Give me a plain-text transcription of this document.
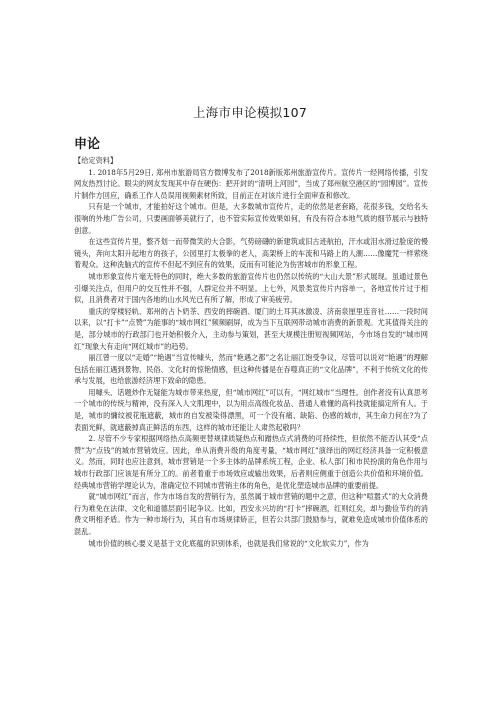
上海市申论模拟107
申论

【给定资料】

1. 2018年5月29日, 郑州市旅游局官方微博发布了2018新版郑州旅游宣传片。宣传片一经网络传播，引发网友热烈讨论。眼尖的网友发现其中存在硬伤：把开封的“清明上河园”，当成了郑州航空港区的“园博园”。宣传片制作方回应，确系工作人员误用视频素材所致，目前正在对该片进行全面审查和修改。

只有是一个城市，才能拍好这个城市。但是，大多数城市宣传片，走的依然是老套路，花很多钱，交给名头很响的外地广告公司，只要画面够美就行了，也不管实际宣传效果如何，有没有符合本地气质的细节展示与独特创意。

在这些宣传片里，整齐划一而带微笑的大合影，气势磅礴的新建筑或旧古迹航拍，汗水或泪水滑过脸庞的慢镜头，奔向太阳升起地方的孩子，公园里打太极拳的老人，高架桥上的车流和马路上的人潮……像魔咒一样萦绕着观众。这种洗脑式的宣传不但起不到应有的效果，反而有可能沦为伤害城市的形象工程。

城市形象宣传片毫无特色的同时，绝大多数的旅游宣传片也仍然以传统的“大山大景”形式展现。虽通过景色引爆关注点，但用户的交互性并不强，人群定位并不明显。上七外，风景类宣传片内容单一，各地宣传片过于相似，且消费者对于国内各地的山水风光已有所了解，形成了审美疲劳。

重庆的穿楼轻轨、郑州的占卜奶茶、西安的摔碗酒、厦门的土耳其冰激凌、济南泉厘里连音社……一段时间以来，以“打卡”“点赞”为能事的“城市网红”频频刷屏，成为当下互联网带动城市消费的新景观。尤其值得关注的是，部分城市的行政部门也开始积极介入，主动参与策划，甚至大规模注册短视频网站，今市场自发的“城市网红”现象大有走向“网红城市”的趋势。

丽江曾一度以“走婚”“艳遇”当宣传噱头，然而“艳遇之都”之名让丽江饱受争议，尽管可以说对“艳遇”的理解包括在丽江遇到景物、民俗、文化时的惊艳情感，但这种传播是在吞噬真正的“文化品牌”，不利于传统文化的传承与发展，也给旅游经济埋下致命的隐患。

用噱头、话题炒作无疑能为城市带来热度，但“城市网红”可以有，“网红城市”当理性。创作者没有认真思考一个城市的传统与精神，没有深入人文肌理中，以为用点高级化妆品、普通人难懂的高科技就能搞定所有人。于是，城市的慵纹被花瓶遮蔽，城市的自发被染得漂黑，可一个没有痛、缺陷、伤感的城市，其生命力何在?为了表面光鲜，就遮蔽掉真正鲜活的东西，这样的城市还能让人肃然起敬吗？

2. 尽管不少专家根据网络热点高频更替规律质疑热点和蹭热点式消费的可持续性，但依然不能否认其受“点赞”为“点钱”的城市营销效应。因此，单从消费升级的角度考量，“城市网红”演绎出的网红经济具备一定积极意义。然而，同时也应注意到，城市营销是一个多主体的品牌系统工程，企业、私人部门和市民扮演的角色作用与城市行政部门应该是有所分工的。前者着重于市场效应或输出效果，后者则应侧重于创造公共价值和环境价值。经典城市营销学理论认为，准确定位不同城市营销主体的角色，是优化塑造城市品牌的重要前提。

就“城市网红”而言，作为市场自发的营销行为，虽然属于城市营销的题中之意，但这种“喧嚣式”的大众消费行为难免在法律、文化和道德层面引起争议。比如，西安永兴坊的“打卡”摔碗酒，红则红矣，却与勤俭节约的消费文明相矛盾。作为一种市场行为，其自有市场规律矫正，但若公共部门鼓励参与，就难免造成城市价值体系的混乱。

城市价值的核心要义是基于文化底蕴的识别体系，也就是我们常说的“文化软实力”，作为
